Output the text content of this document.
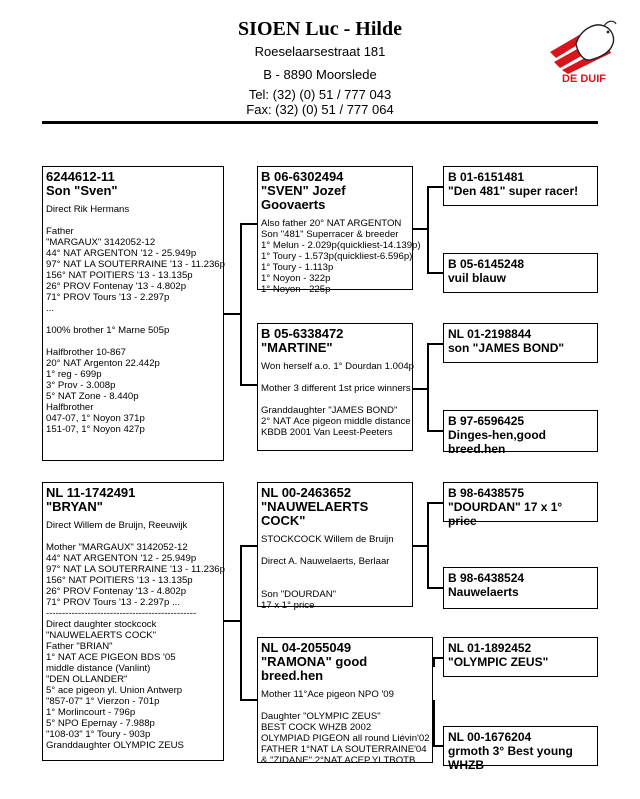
SIOEN Luc - Hilde
Roeselaarsestraat 181
B - 8890 Moorslede
Tel: (32) (0) 51 / 777 043
Fax: (32) (0) 51 / 777 064
DE DUIF
6244612-11
Son "Sven"
Direct Rik Hermans

Father
"MARGAUX" 3142052-12
44° NAT ARGENTON '12 - 25.949p
97° NAT LA SOUTERRAINE '13 - 11.236p
156° NAT POITIERS '13 - 13.135p
26° PROV Fontenay '13 - 4.802p
71° PROV Tours '13 - 2.297p
...

100% brother 1° Marne 505p

Halfbrother 10-867
20° NAT Argenton 22.442p
1° reg - 699p
3° Prov - 3.008p
5° NAT Zone - 8.440p
Halfbrother
047-07, 1° Noyon 371p
151-07, 1° Noyon 427p
B 06-6302494
"SVEN" Jozef Goovaerts
Also father 20° NAT ARGENTON
Son "481" Superracer & breeder
1° Melun - 2.029p(quickliest-14.139p)
1° Toury - 1.573p(quickliest-6.596p)
1° Toury - 1.113p
1° Noyon - 322p
1° Noyon - 225p
B 05-6338472
"MARTINE"
Won herself a.o. 1° Dourdan 1.004p

Mother 3 different 1st price winners

Granddaughter "JAMES BOND"
2° NAT Ace pigeon middle distance
KBDB 2001 Van Leest-Peeters
B 01-6151481
"Den 481" super racer!
B 05-6145248
vuil blauw
NL 01-2198844
son "JAMES BOND"
B 97-6596425
Dinges-hen,good breed.hen
NL 11-1742491
"BRYAN"
Direct Willem de Bruijn, Reeuwijk

Mother "MARGAUX" 3142052-12
44° NAT ARGENTON '12 - 25.949p
97° NAT LA SOUTERRAINE '13 - 11.236p
156° NAT POITIERS '13 - 13.135p
26° PROV Fontenay '13 - 4.802p
71° PROV Tours '13 - 2.297p ...
-----------------------------------------------
Direct daughter stockcock
"NAUWELAERTS COCK"
Father "BRIAN"
1° NAT ACE PIGEON BDS '05
middle distance (Vanlint)
"DEN OLLANDER"
5° ace pigeon yl. Union Antwerp
"857-07" 1° Vierzon - 701p
1° Morlincourt - 796p
5° NPO Epernay - 7.988p
"108-03" 1° Toury - 903p
Granddaughter OLYMPIC ZEUS
NL 00-2463652
"NAUWELAERTS COCK"
STOCKCOCK Willem de Bruijn

Direct A. Nauwelaerts, Berlaar

Son "DOURDAN"
17 x 1° price
NL 04-2055049
"RAMONA" good breed.hen
Mother 11°Ace pigeon NPO '09

Daughter "OLYMPIC ZEUS"
BEST COCK WHZB 2002
OLYMPIAD PIGEON all round Liévin'02
FATHER 1°NAT LA SOUTERRAINE'04
& "ZIDANE" 2°NAT ACEP.YI TBOTB...
B 98-6438575
"DOURDAN" 17 x 1° price
B 98-6438524
Nauwelaerts
NL 01-1892452
"OLYMPIC ZEUS"
NL 00-1676204
grmoth 3° Best young WHZB
